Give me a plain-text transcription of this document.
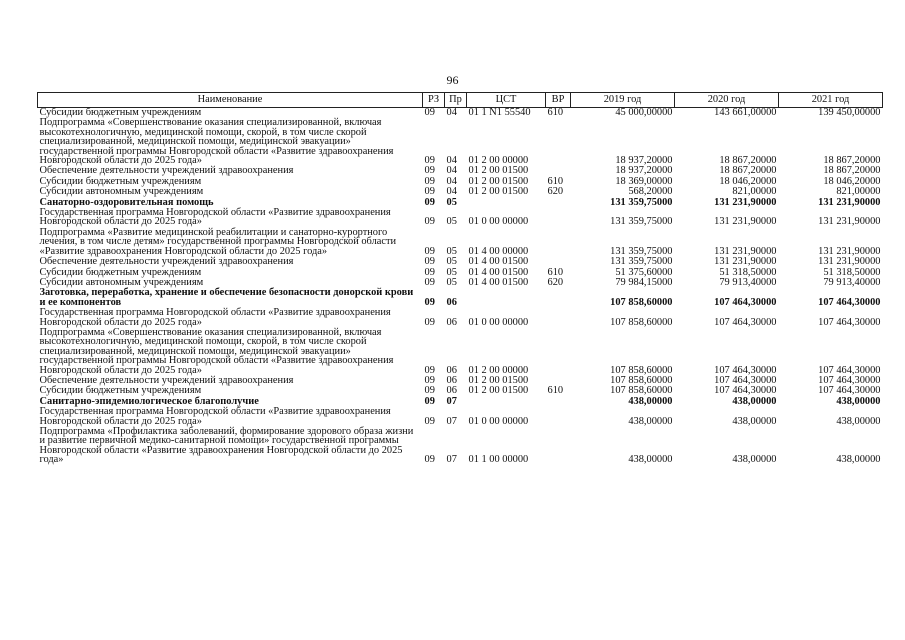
96
Наименование	РЗ	Пр	ЦСТ	ВР	2019 год	2020 год	2021 год
Субсидии бюджетным учреждениям	09	04	01 1 N1 55540	610	45 000,00000	143 661,00000	139 450,00000
Подпрограмма «Совершенствование оказания специализированной, включая высокотехнологичную, медицинской помощи, скорой, в том числе скорой специализированной, медицинской помощи, медицинской эвакуации» государственной программы Новгородской области «Развитие здравоохранения Новгородской области до 2025 года»	09	04	01 2 00 00000		18 937,20000	18 867,20000	18 867,20000
Обеспечение деятельности учреждений здравоохранения	09	04	01 2 00 01500		18 937,20000	18 867,20000	18 867,20000
Субсидии бюджетным учреждениям	09	04	01 2 00 01500	610	18 369,00000	18 046,20000	18 046,20000
Субсидии автономным учреждениям	09	04	01 2 00 01500	620	568,20000	821,00000	821,00000
Санаторно-оздоровительная помощь	09	05			131 359,75000	131 231,90000	131 231,90000
Государственная программа Новгородской области «Развитие здравоохранения Новгородской области до 2025 года»	09	05	01 0 00 00000		131 359,75000	131 231,90000	131 231,90000
Подпрограмма «Развитие медицинской реабилитации и санаторно-курортного лечения, в том числе детям» государственной программы Новгородской области «Развитие здравоохранения Новгородской области до 2025 года»	09	05	01 4 00 00000		131 359,75000	131 231,90000	131 231,90000
Обеспечение деятельности учреждений здравоохранения	09	05	01 4 00 01500		131 359,75000	131 231,90000	131 231,90000
Субсидии бюджетным учреждениям	09	05	01 4 00 01500	610	51 375,60000	51 318,50000	51 318,50000
Субсидии автономным учреждениям	09	05	01 4 00 01500	620	79 984,15000	79 913,40000	79 913,40000
Заготовка, переработка, хранение и обеспечение безопасности донорской крови и ее компонентов	09	06			107 858,60000	107 464,30000	107 464,30000
Государственная программа Новгородской области «Развитие здравоохранения Новгородской области до 2025 года»	09	06	01 0 00 00000		107 858,60000	107 464,30000	107 464,30000
Подпрограмма «Совершенствование оказания специализированной, включая высокотехнологичную, медицинской помощи, скорой, в том числе скорой специализированной, медицинской помощи, медицинской эвакуации» государственной программы Новгородской области «Развитие здравоохранения Новгородской области до 2025 года»	09	06	01 2 00 00000		107 858,60000	107 464,30000	107 464,30000
Обеспечение деятельности учреждений здравоохранения	09	06	01 2 00 01500		107 858,60000	107 464,30000	107 464,30000
Субсидии бюджетным учреждениям	09	06	01 2 00 01500	610	107 858,60000	107 464,30000	107 464,30000
Санитарно-эпидемиологическое благополучие	09	07			438,00000	438,00000	438,00000
Государственная программа Новгородской области «Развитие здравоохранения Новгородской области до 2025 года»	09	07	01 0 00 00000		438,00000	438,00000	438,00000
Подпрограмма «Профилактика заболеваний, формирование здорового образа жизни и развитие первичной медико-санитарной помощи» государственной программы Новгородской области «Развитие здравоохранения Новгородской области до 2025 года»	09	07	01 1 00 00000		438,00000	438,00000	438,00000
